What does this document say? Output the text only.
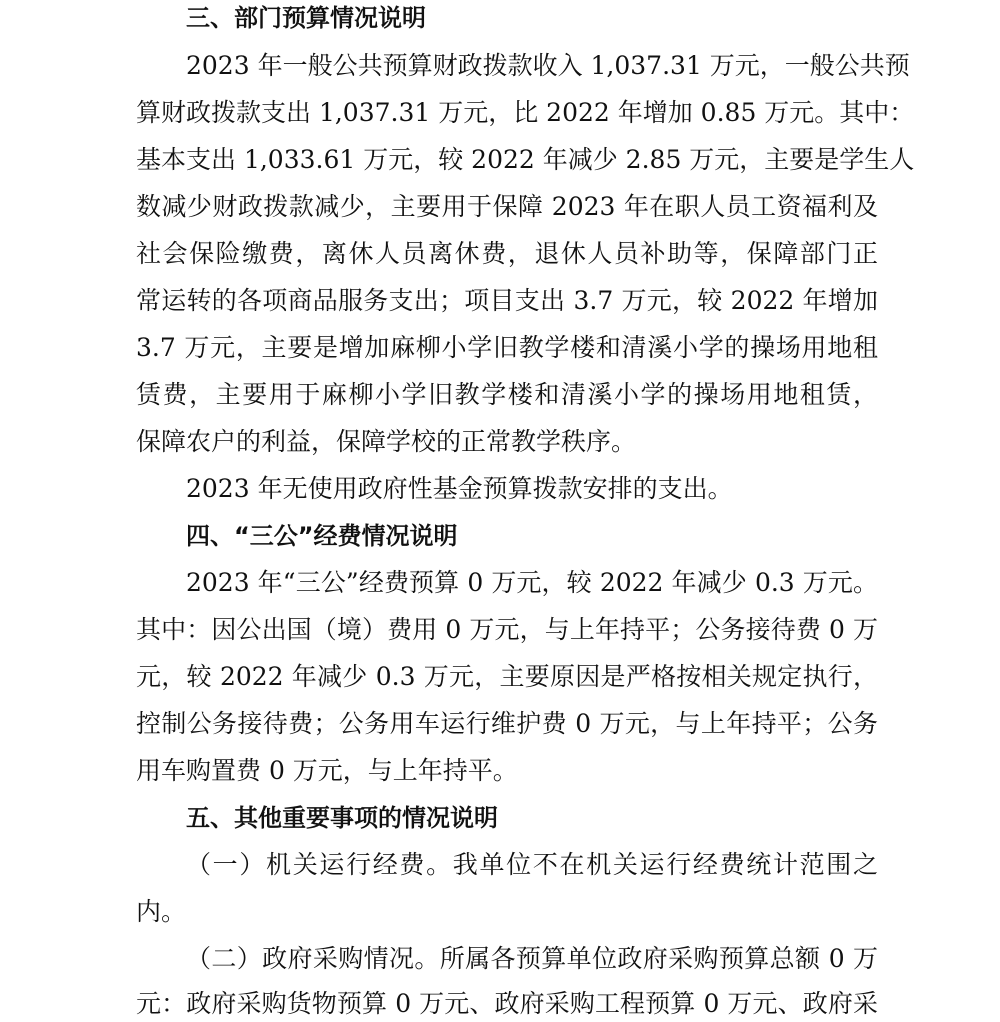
三、部门预算情况说明
2023 年一般公共预算财政拨款收入 1,037.31 万元，一般公共预
算财政拨款支出 1,037.31 万元，比 2022 年增加 0.85 万元。其中：
基本支出 1,033.61 万元，较 2022 年减少 2.85 万元，主要是学生人
数减少财政拨款减少，主要用于保障 2023 年在职人员工资福利及
社会保险缴费，离休人员离休费，退休人员补助等，保障部门正
常运转的各项商品服务支出；项目支出 3.7 万元，较 2022 年增加
3.7 万元，主要是增加麻柳小学旧教学楼和清溪小学的操场用地租
赁费，主要用于麻柳小学旧教学楼和清溪小学的操场用地租赁，
保障农户的利益，保障学校的正常教学秩序。
2023 年无使用政府性基金预算拨款安排的支出。
四、“三公”经费情况说明
2023 年“三公”经费预算 0 万元，较 2022 年减少 0.3 万元。
其中：因公出国（境）费用 0 万元，与上年持平；公务接待费 0 万
元，较 2022 年减少 0.3 万元，主要原因是严格按相关规定执行，
控制公务接待费；公务用车运行维护费 0 万元，与上年持平；公务
用车购置费 0 万元，与上年持平。
五、其他重要事项的情况说明
（一）机关运行经费。我单位不在机关运行经费统计范围之
内。
（二）政府采购情况。所属各预算单位政府采购预算总额 0 万
元：政府采购货物预算 0 万元、政府采购工程预算 0 万元、政府采
